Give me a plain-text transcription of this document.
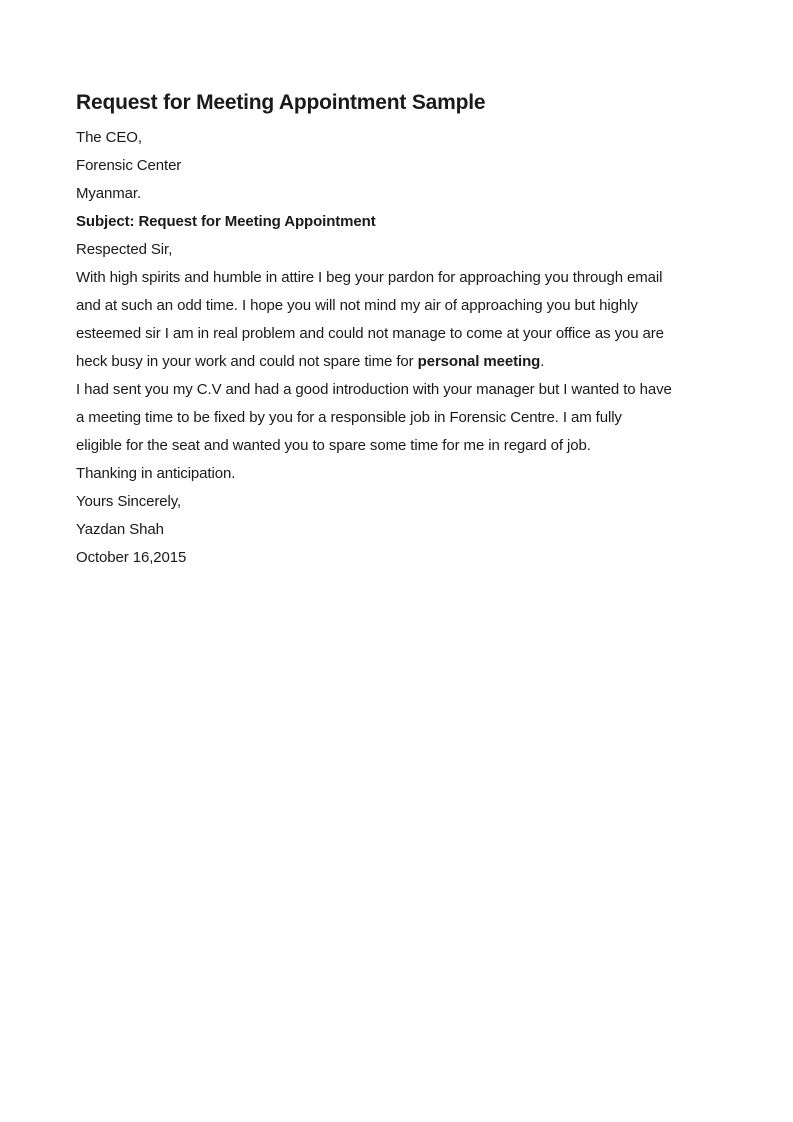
Request for Meeting Appointment Sample
The CEO,
Forensic Center
Myanmar.
Subject: Request for Meeting Appointment
Respected Sir,
With high spirits and humble in attire I beg your pardon for approaching you through email
and at such an odd time. I hope you will not mind my air of approaching you but highly
esteemed sir I am in real problem and could not manage to come at your office as you are
heck busy in your work and could not spare time for personal meeting.
I had sent you my C.V and had a good introduction with your manager but I wanted to have
a meeting time to be fixed by you for a responsible job in Forensic Centre. I am fully
eligible for the seat and wanted you to spare some time for me in regard of job.
Thanking in anticipation.
Yours Sincerely,
Yazdan Shah
October 16,2015
